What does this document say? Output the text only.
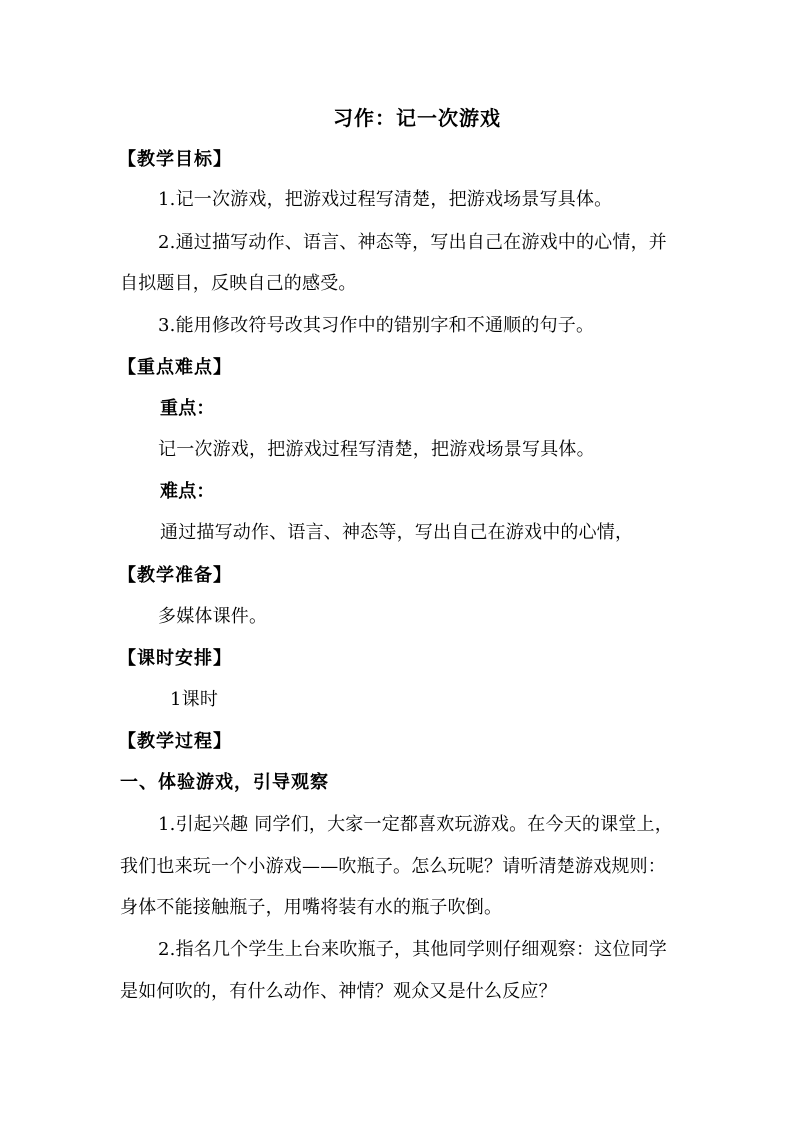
习作：记一次游戏
【教学目标】
1.记一次游戏，把游戏过程写清楚，把游戏场景写具体。
2.通过描写动作、语言、神态等，写出自己在游戏中的心情，并
自拟题目，反映自己的感受。
3.能用修改符号改其习作中的错别字和不通顺的句子。
【重点难点】
重点：
记一次游戏，把游戏过程写清楚，把游戏场景写具体。
难点：
通过描写动作、语言、神态等，写出自己在游戏中的心情，
【教学准备】
多媒体课件。
【课时安排】
1课时
【教学过程】
一、体验游戏，引导观察
1.引起兴趣 同学们，大家一定都喜欢玩游戏。在今天的课堂上，
我们也来玩一个小游戏——吹瓶子。怎么玩呢？请听清楚游戏规则：
身体不能接触瓶子，用嘴将装有水的瓶子吹倒。
2.指名几个学生上台来吹瓶子，其他同学则仔细观察：这位同学
是如何吹的，有什么动作、神情？观众又是什么反应？
